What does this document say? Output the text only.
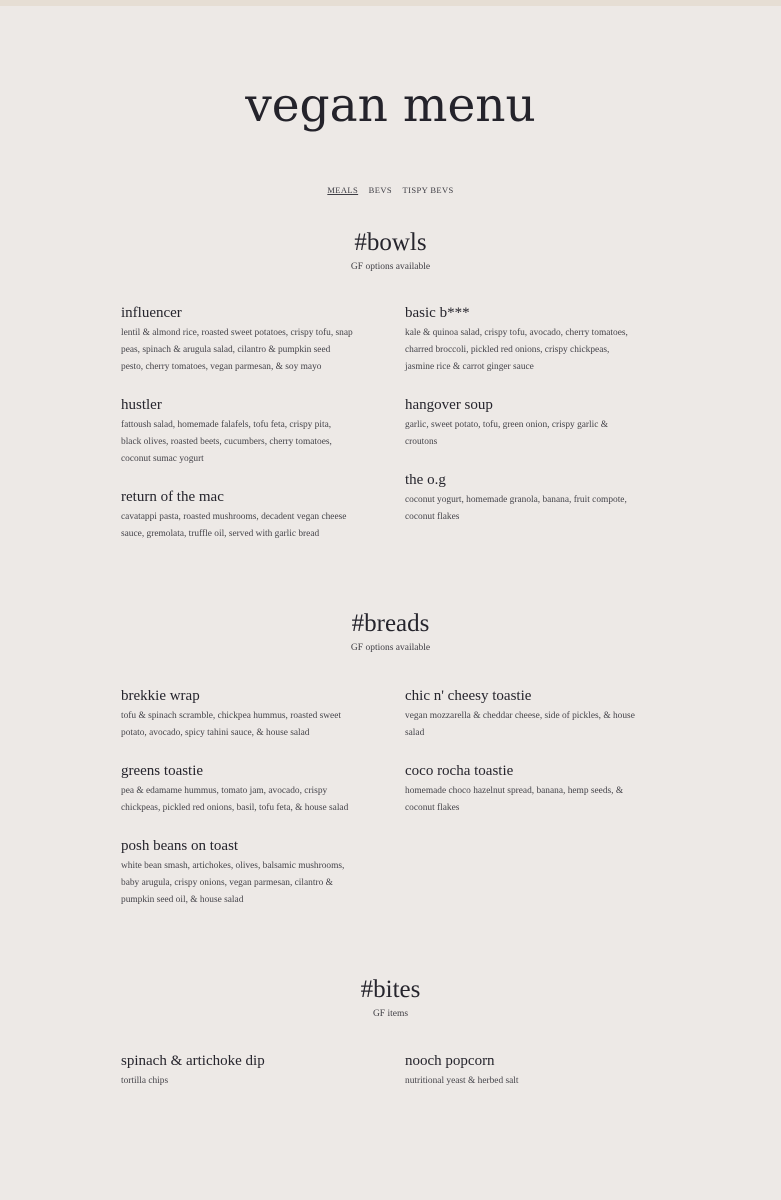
vegan menu
MEALS BEVS TISPY BEVS
#bowls
GF options available
influencer

lentil & almond rice, roasted sweet potatoes, crispy tofu, snap peas, spinach & arugula salad, cilantro & pumpkin seed pesto, cherry tomatoes, vegan parmesan, & soy mayo

hustler

fattoush salad, homemade falafels, tofu feta, crispy pita, black olives, roasted beets, cucumbers, cherry tomatoes, coconut sumac yogurt

return of the mac

cavatappi pasta, roasted mushrooms, decadent vegan cheese sauce, gremolata, truffle oil, served with garlic bread

basic b***

kale & quinoa salad, crispy tofu, avocado, cherry tomatoes, charred broccoli, pickled red onions, crispy chickpeas, jasmine rice & carrot ginger sauce

hangover soup

garlic, sweet potato, tofu, green onion, crispy garlic & croutons

the o.g

coconut yogurt, homemade granola, banana, fruit compote, coconut flakes

#breads
GF options available
brekkie wrap

tofu & spinach scramble, chickpea hummus, roasted sweet potato, avocado, spicy tahini sauce, & house salad

greens toastie

pea & edamame hummus, tomato jam, avocado, crispy chickpeas, pickled red onions, basil, tofu feta, & house salad

posh beans on toast

white bean smash, artichokes, olives, balsamic mushrooms, baby arugula, crispy onions, vegan parmesan, cilantro & pumpkin seed oil, & house salad

chic n' cheesy toastie

vegan mozzarella & cheddar cheese, side of pickles, & house salad

coco rocha toastie

homemade choco hazelnut spread, banana, hemp seeds, & coconut flakes

#bites
GF items
spinach & artichoke dip

tortilla chips

nooch popcorn

nutritional yeast & herbed salt
